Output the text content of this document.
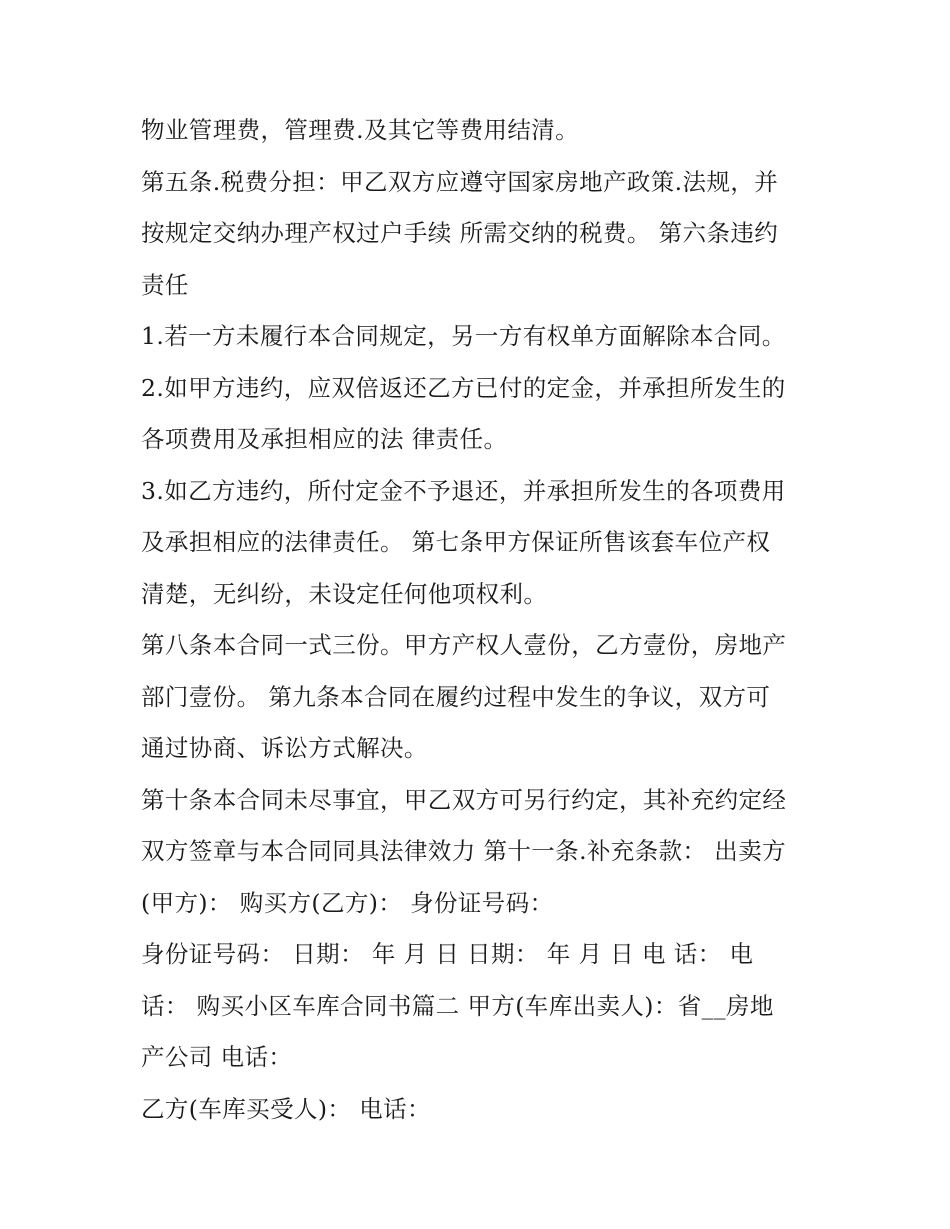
物业管理费，管理费.及其它等费用结清。
第五条.税费分担：甲乙双方应遵守国家房地产政策.法规，并
按规定交纳办理产权过户手续 所需交纳的税费。 第六条违约
责任
1.若一方未履行本合同规定，另一方有权单方面解除本合同。
2.如甲方违约，应双倍返还乙方已付的定金，并承担所发生的
各项费用及承担相应的法 律责任。
3.如乙方违约，所付定金不予退还，并承担所发生的各项费用
及承担相应的法律责任。 第七条甲方保证所售该套车位产权
清楚，无纠纷，未设定任何他项权利。
第八条本合同一式三份。甲方产权人壹份，乙方壹份，房地产
部门壹份。 第九条本合同在履约过程中发生的争议，双方可
通过协商、诉讼方式解决。
第十条本合同未尽事宜，甲乙双方可另行约定，其补充约定经
双方签章与本合同同具法律效力 第十一条.补充条款： 出卖方
(甲方)： 购买方(乙方)： 身份证号码：
身份证号码： 日期： 年 月 日 日期： 年 月 日 电 话： 电
话： 购买小区车库合同书篇二 甲方(车库出卖人)：省__房地
产公司 电话：
乙方(车库买受人)： 电话：
